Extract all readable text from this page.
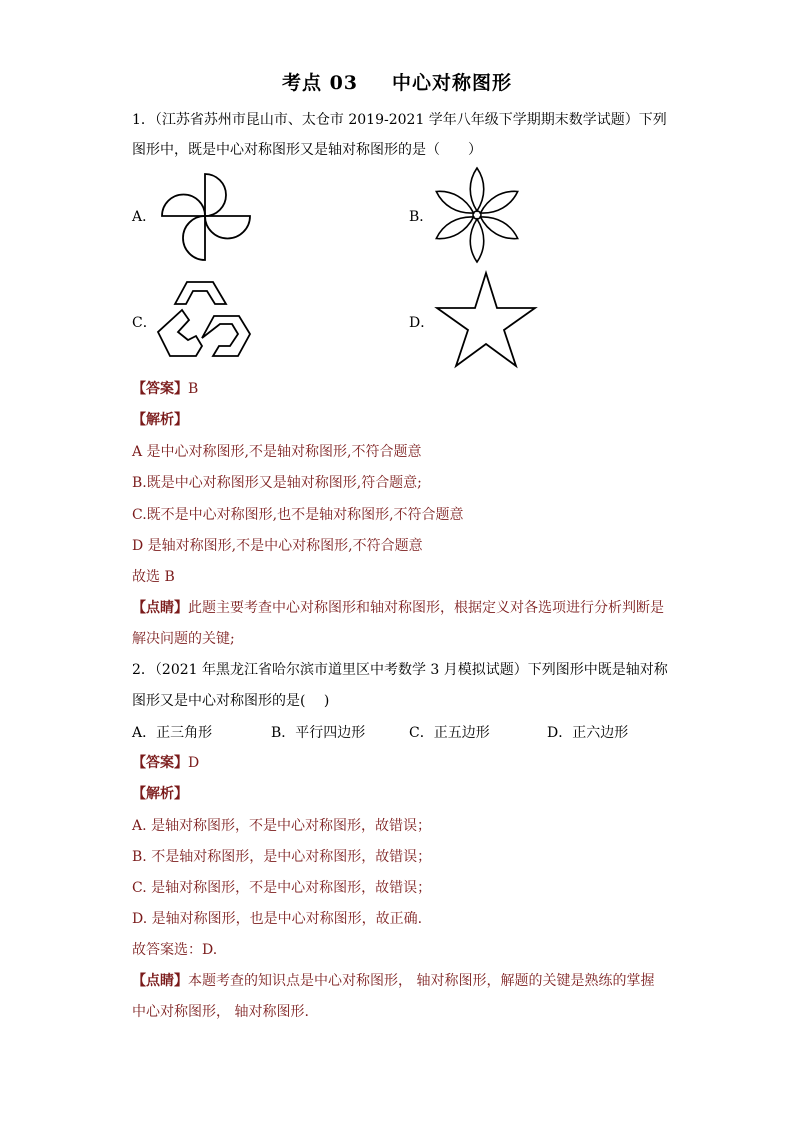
考点 03 中心对称图形
1．（江苏省苏州市昆山市、太仓市 2019-2021 学年八年级下学期期末数学试题）下列
图形中，既是中心对称图形又是轴对称图形的是（　　）
A．	B．
C．	D．
【答案】B
【解析】
A 是中心对称图形,不是轴对称图形,不符合题意
B.既是中心对称图形又是轴对称图形,符合题意;
C.既不是中心对称图形,也不是轴对称图形,不符合题意
D 是轴对称图形,不是中心对称图形,不符合题意
故选 B
【点睛】此题主要考查中心对称图形和轴对称图形，根据定义对各选项进行分析判断是
解决问题的关键;
2．（2021 年黑龙江省哈尔滨市道里区中考数学 3 月模拟试题）下列图形中既是轴对称
图形又是中心对称图形的是(　 )
A．正三角形	B．平行四边形	C．正五边形	D．正六边形
【答案】D
【解析】
A. 是轴对称图形，不是中心对称图形，故错误；
B. 不是轴对称图形，是中心对称图形，故错误；
C. 是轴对称图形，不是中心对称图形，故错误；
D. 是轴对称图形，也是中心对称图形，故正确.
故答案选：D.
【点睛】本题考查的知识点是中心对称图形， 轴对称图形，解题的关键是熟练的掌握
中心对称图形， 轴对称图形.
